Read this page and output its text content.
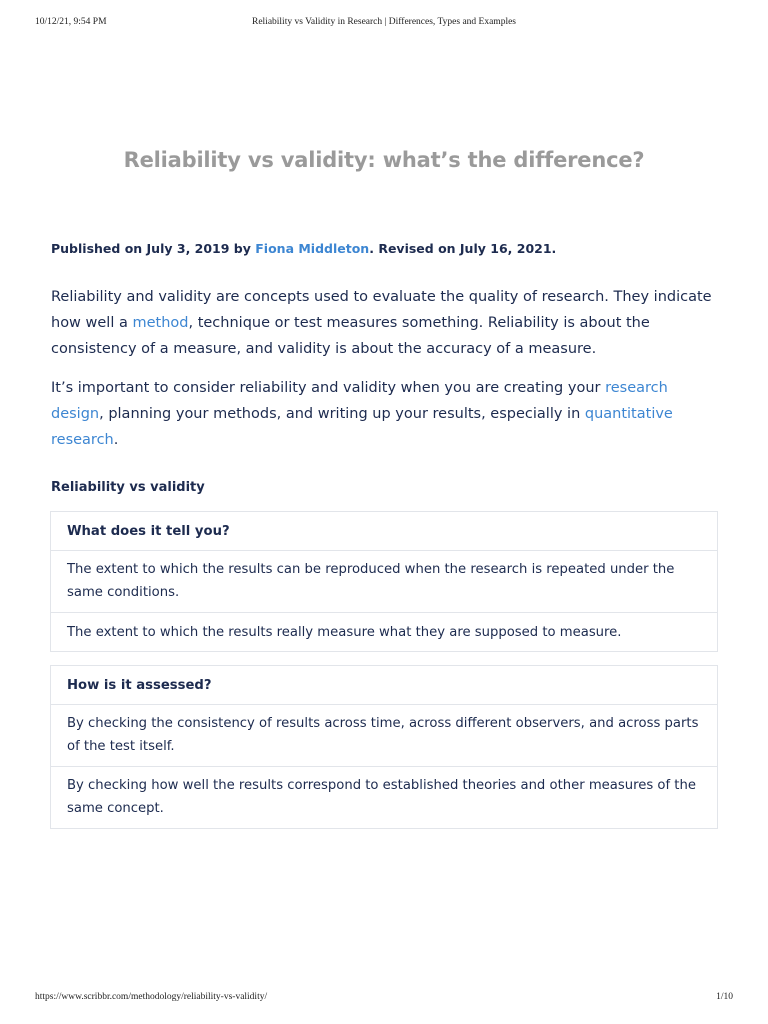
10/12/21, 9:54 PM	Reliability vs Validity in Research | Differences, Types and Examples
Reliability vs validity: what’s the difference?
Published on July 3, 2019 by Fiona Middleton. Revised on July 16, 2021.

Reliability and validity are concepts used to evaluate the quality of research. They indicate how well a method, technique or test measures something. Reliability is about the consistency of a measure, and validity is about the accuracy of a measure.

It’s important to consider reliability and validity when you are creating your research design, planning your methods, and writing up your results, especially in quantitative research.

Reliability vs validity
What does it tell you?
The extent to which the results can be reproduced when the research is repeated under the same conditions.
The extent to which the results really measure what they are supposed to measure.
How is it assessed?
By checking the consistency of results across time, across different observers, and across parts of the test itself.
By checking how well the results correspond to established theories and other measures of the same concept.
https://www.scribbr.com/methodology/reliability-vs-validity/	1/10
